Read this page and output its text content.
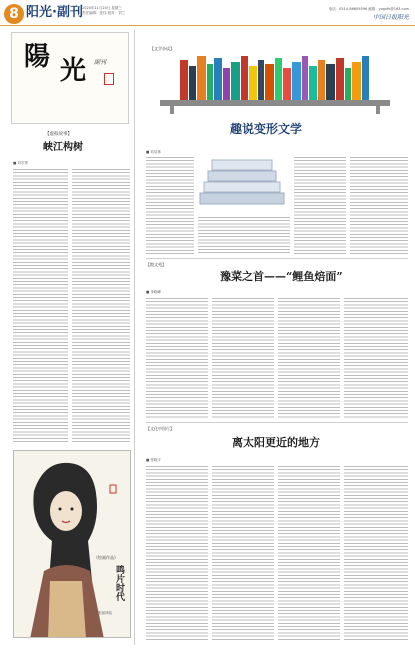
8 阳光·副刊 2024年11月20日 星期三
责任编辑：张伟 校对：刘兰
电话：0514-86609596 邮箱：yzgxfk@163.com
中国日报阳光
陽 光 副刊
【虚拟故事】
峡江构树
■ 刘宗贤
《绘画作品》
鸣片时代
张丽萍绘
【文学杂谈】
趣说变形文学
■ 邓培林
【散文苑】
豫菜之首——“鲤鱼焙面”
■ 李晓峰
【文化中国行】
离太阳更近的地方
■ 张晓宇
